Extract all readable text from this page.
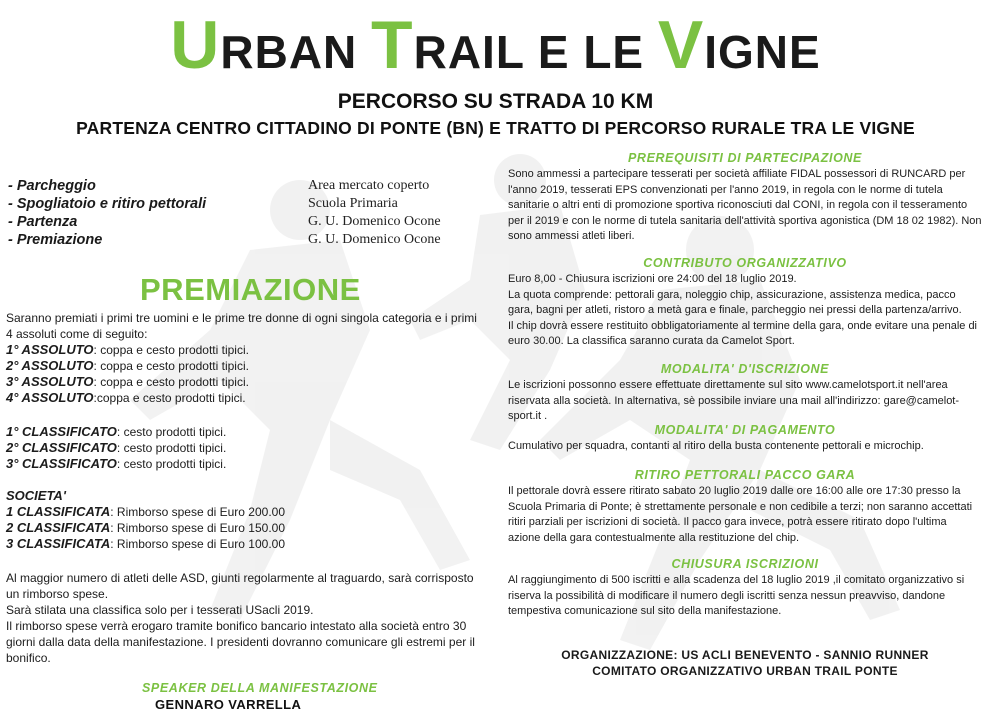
URBAN TRAIL E LE VIGNE
PERCORSO SU STRADA 10 KM
PARTENZA CENTRO CITTADINO DI PONTE (BN) E TRATTO DI PERCORSO RURALE TRA LE VIGNE
- Parcheggio	Area mercato coperto
- Spogliatoio e ritiro pettorali	Scuola Primaria
- Partenza	G. U. Domenico Ocone
- Premiazione	G. U. Domenico Ocone
PREMIAZIONE
Saranno premiati i primi tre uomini e le prime tre donne di ogni singola categoria e i primi 4 assoluti come di seguito:
1° ASSOLUTO: coppa e cesto prodotti tipici.
2° ASSOLUTO: coppa e cesto prodotti tipici.
3° ASSOLUTO: coppa e cesto prodotti tipici.
4° ASSOLUTO:coppa e cesto prodotti tipici.
1° CLASSIFICATO: cesto prodotti tipici.
2° CLASSIFICATO: cesto prodotti tipici.
3° CLASSIFICATO: cesto prodotti tipici.
SOCIETA'
1 CLASSIFICATA: Rimborso spese di Euro 200.00
2 CLASSIFICATA: Rimborso spese di Euro 150.00
3 CLASSIFICATA: Rimborso spese di Euro 100.00
Al maggior numero di atleti delle ASD, giunti regolarmente al traguardo, sarà corrisposto un rimborso spese.
Sarà stilata una classifica solo per i tesserati USacli 2019.
Il rimborso spese verrà erogaro tramite bonifico bancario intestato alla società entro 30 giorni dalla data della manifestazione. I presidenti dovranno comunicare gli estremi per il bonifico.
SPEAKER DELLA MANIFESTAZIONE
GENNARO VARRELLA
PREREQUISITI DI PARTECIPAZIONE
Sono ammessi a partecipare tesserati per società affiliate FIDAL possessori di RUNCARD per l'anno 2019, tesserati EPS convenzionati per l'anno 2019, in regola con le norme di tutela sanitarie o altri enti di promozione sportiva riconosciuti dal CONI, in regola con il tesseramento per il 2019 e con le norme di tutela sanitaria dell'attività sportiva agonistica (DM 18 02 1982). Non sono ammessi atleti liberi.
CONTRIBUTO ORGANIZZATIVO
Euro 8,00 - Chiusura iscrizioni ore 24:00 del 18 luglio 2019.
La quota comprende: pettorali gara, noleggio chip, assicurazione, assistenza medica, pacco gara, bagni per atleti, ristoro a metà gara e finale, parcheggio nei pressi della partenza/arrivo.
Il chip dovrà essere restituito obbligatoriamente al termine della gara, onde evitare una penale di euro 30.00. La classifica saranno curata da Camelot Sport.
MODALITA' D'ISCRIZIONE
Le iscrizioni possonno essere effettuate direttamente sul sito www.camelotsport.it nell'area riservata alla società. In alternativa, sè possibile inviare una mail all'indirizzo: gare@camelot-sport.it .
MODALITA' DI PAGAMENTO
Cumulativo per squadra, contanti al ritiro della busta contenente pettorali e microchip.
RITIRO PETTORALI PACCO GARA
Il pettorale dovrà essere ritirato sabato 20 luglio 2019 dalle ore 16:00 alle ore 17:30 presso la Scuola Primaria di Ponte; è strettamente personale e non cedibile a terzi; non saranno accettati ritiri parziali per iscrizioni di società. Il pacco gara invece, potrà essere ritirato dopo l'ultima azione della gara contestualmente alla restituzione del chip.
CHIUSURA ISCRIZIONI
Al raggiungimento di 500 iscritti e alla scadenza del 18 luglio 2019 ,il comitato organizzativo si riserva la possibilità di modificare il numero degli iscritti senza nessun preavviso, dandone tempestiva comunicazione sul sito della manifestazione.
ORGANIZZAZIONE: US ACLI BENEVENTO - SANNIO RUNNER
COMITATO ORGANIZZATIVO URBAN TRAIL PONTE
